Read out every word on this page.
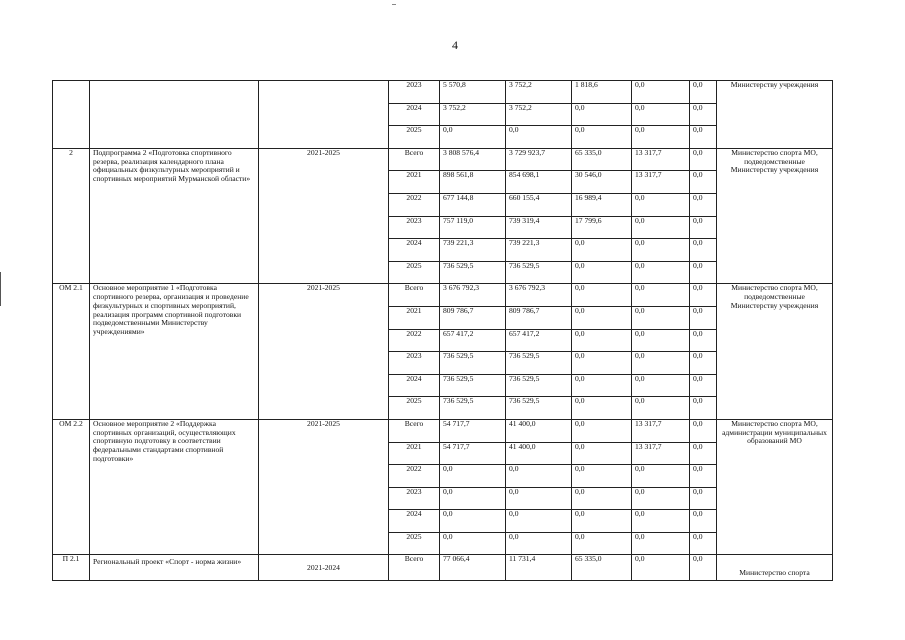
4
			2023	5 570,8	3 752,2	1 818,6	0,0	0,0	Министерству учреждения
			2024	3 752,2	3 752,2	0,0	0,0	0,0	
			2025	0,0	0,0	0,0	0,0	0,0	
2	Подпрограмма 2 «Подготовка спортивного резерва, реализация календарного плана официальных физкультурных мероприятий и спортивных мероприятий Мурманской области»	2021-2025	Всего	3 808 576,4	3 729 923,7	65 335,0	13 317,7	0,0	Министерство спорта МО, подведомственные Министерству учреждения
			2021	898 561,8	854 698,1	30 546,0	13 317,7	0,0	
			2022	677 144,8	660 155,4	16 989,4	0,0	0,0	
			2023	757 119,0	739 319,4	17 799,6	0,0	0,0	
			2024	739 221,3	739 221,3	0,0	0,0	0,0	
			2025	736 529,5	736 529,5	0,0	0,0	0,0	
ОМ 2.1	Основное мероприятие 1 «Подготовка спортивного резерва, организация и проведение физкультурных и спортивных мероприятий, реализация программ спортивной подготовки подведомственными Министерству учреждениями»	2021-2025	Всего	3 676 792,3	3 676 792,3	0,0	0,0	0,0	Министерство спорта МО, подведомственные Министерству учреждения
			2021	809 786,7	809 786,7	0,0	0,0	0,0	
			2022	657 417,2	657 417,2	0,0	0,0	0,0	
			2023	736 529,5	736 529,5	0,0	0,0	0,0	
			2024	736 529,5	736 529,5	0,0	0,0	0,0	
			2025	736 529,5	736 529,5	0,0	0,0	0,0	
ОМ 2.2	Основное мероприятие 2 «Поддержка спортивных организаций, осуществляющих спортивную подготовку в соответствии федеральными стандартами спортивной подготовки»	2021-2025	Всего	54 717,7	41 400,0	0,0	13 317,7	0,0	Министерство спорта МО, администрации муниципальных образований МО
			2021	54 717,7	41 400,0	0,0	13 317,7	0,0	
			2022	0,0	0,0	0,0	0,0	0,0	
			2023	0,0	0,0	0,0	0,0	0,0	
			2024	0,0	0,0	0,0	0,0	0,0	
			2025	0,0	0,0	0,0	0,0	0,0	
П 2.1	Региональный проект «Спорт - норма жизни»	2021-2024	Всего	77 066,4	11 731,4	65 335,0	0,0	0,0	Министерство спорта
